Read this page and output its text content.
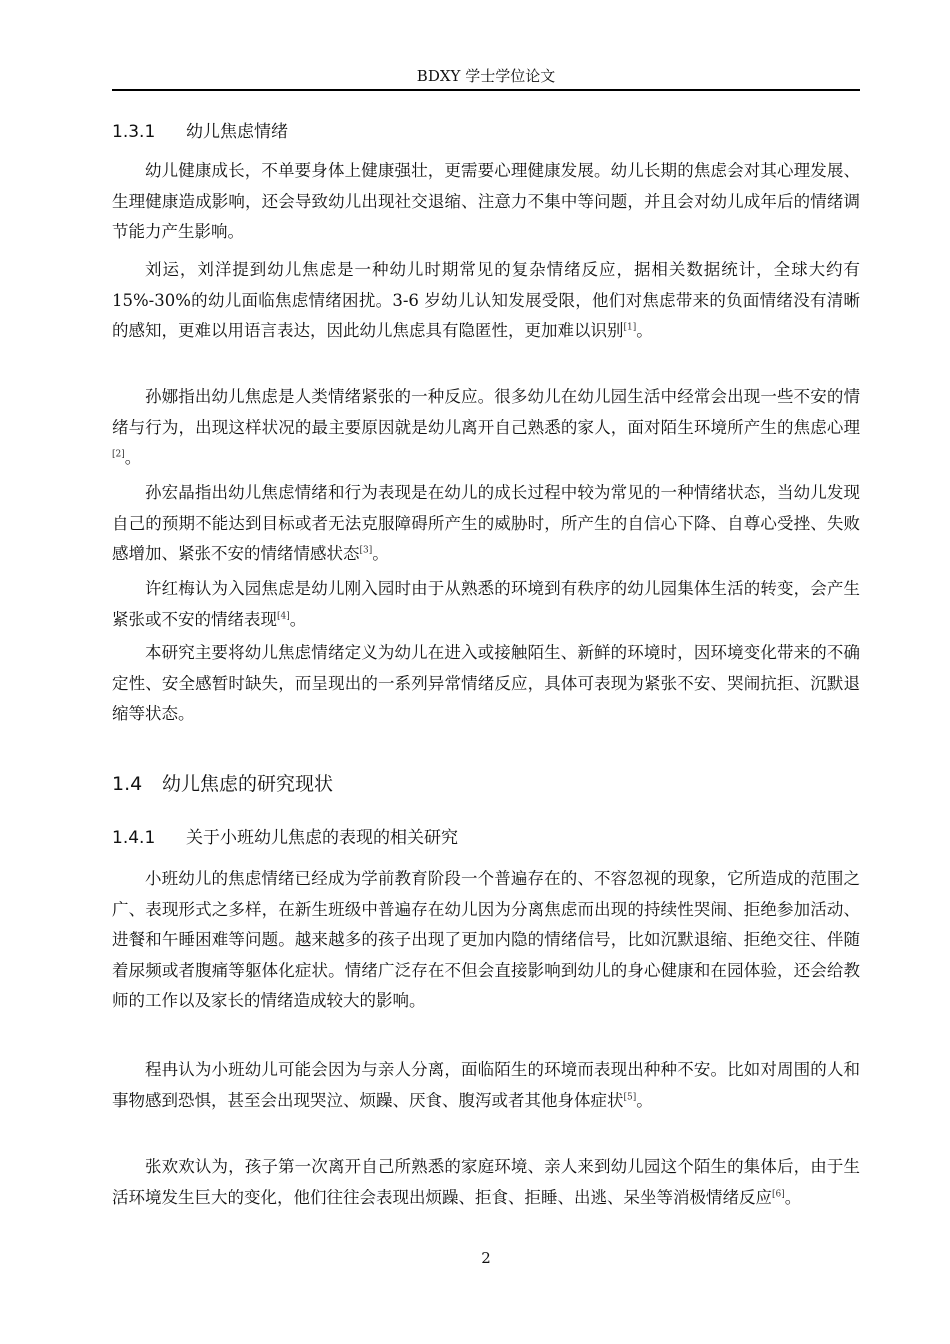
BDXY 学士学位论文
1.3.1 幼儿焦虑情绪

幼儿健康成长，不单要身体上健康强壮，更需要心理健康发展。幼儿长期的焦虑会对其心理发展、生理健康造成影响，还会导致幼儿出现社交退缩、注意力不集中等问题，并且会对幼儿成年后的情绪调节能力产生影响。

刘运，刘洋提到幼儿焦虑是一种幼儿时期常见的复杂情绪反应，据相关数据统计，全球大约有 15%-30%的幼儿面临焦虑情绪困扰。3-6 岁幼儿认知发展受限，他们对焦虑带来的负面情绪没有清晰的感知，更难以用语言表达，因此幼儿焦虑具有隐匿性，更加难以识别[1]。

孙娜指出幼儿焦虑是人类情绪紧张的一种反应。很多幼儿在幼儿园生活中经常会出现一些不安的情绪与行为，出现这样状况的最主要原因就是幼儿离开自己熟悉的家人，面对陌生环境所产生的焦虑心理[2]。

孙宏晶指出幼儿焦虑情绪和行为表现是在幼儿的成长过程中较为常见的一种情绪状态，当幼儿发现自己的预期不能达到目标或者无法克服障碍所产生的威胁时，所产生的自信心下降、自尊心受挫、失败感增加、紧张不安的情绪情感状态[3]。

许红梅认为入园焦虑是幼儿刚入园时由于从熟悉的环境到有秩序的幼儿园集体生活的转变，会产生紧张或不安的情绪表现[4]。

本研究主要将幼儿焦虑情绪定义为幼儿在进入或接触陌生、新鲜的环境时，因环境变化带来的不确定性、安全感暂时缺失，而呈现出的一系列异常情绪反应，具体可表现为紧张不安、哭闹抗拒、沉默退缩等状态。

1.4 幼儿焦虑的研究现状
1.4.1 关于小班幼儿焦虑的表现的相关研究

小班幼儿的焦虑情绪已经成为学前教育阶段一个普遍存在的、不容忽视的现象，它所造成的范围之广、表现形式之多样，在新生班级中普遍存在幼儿因为分离焦虑而出现的持续性哭闹、拒绝参加活动、进餐和午睡困难等问题。越来越多的孩子出现了更加内隐的情绪信号，比如沉默退缩、拒绝交往、伴随着尿频或者腹痛等躯体化症状。情绪广泛存在不但会直接影响到幼儿的身心健康和在园体验，还会给教师的工作以及家长的情绪造成较大的影响。

程冉认为小班幼儿可能会因为与亲人分离，面临陌生的环境而表现出种种不安。比如对周围的人和事物感到恐惧，甚至会出现哭泣、烦躁、厌食、腹泻或者其他身体症状[5]。

张欢欢认为，孩子第一次离开自己所熟悉的家庭环境、亲人来到幼儿园这个陌生的集体后，由于生活环境发生巨大的变化，他们往往会表现出烦躁、拒食、拒睡、出逃、呆坐等消极情绪反应[6]。

2
